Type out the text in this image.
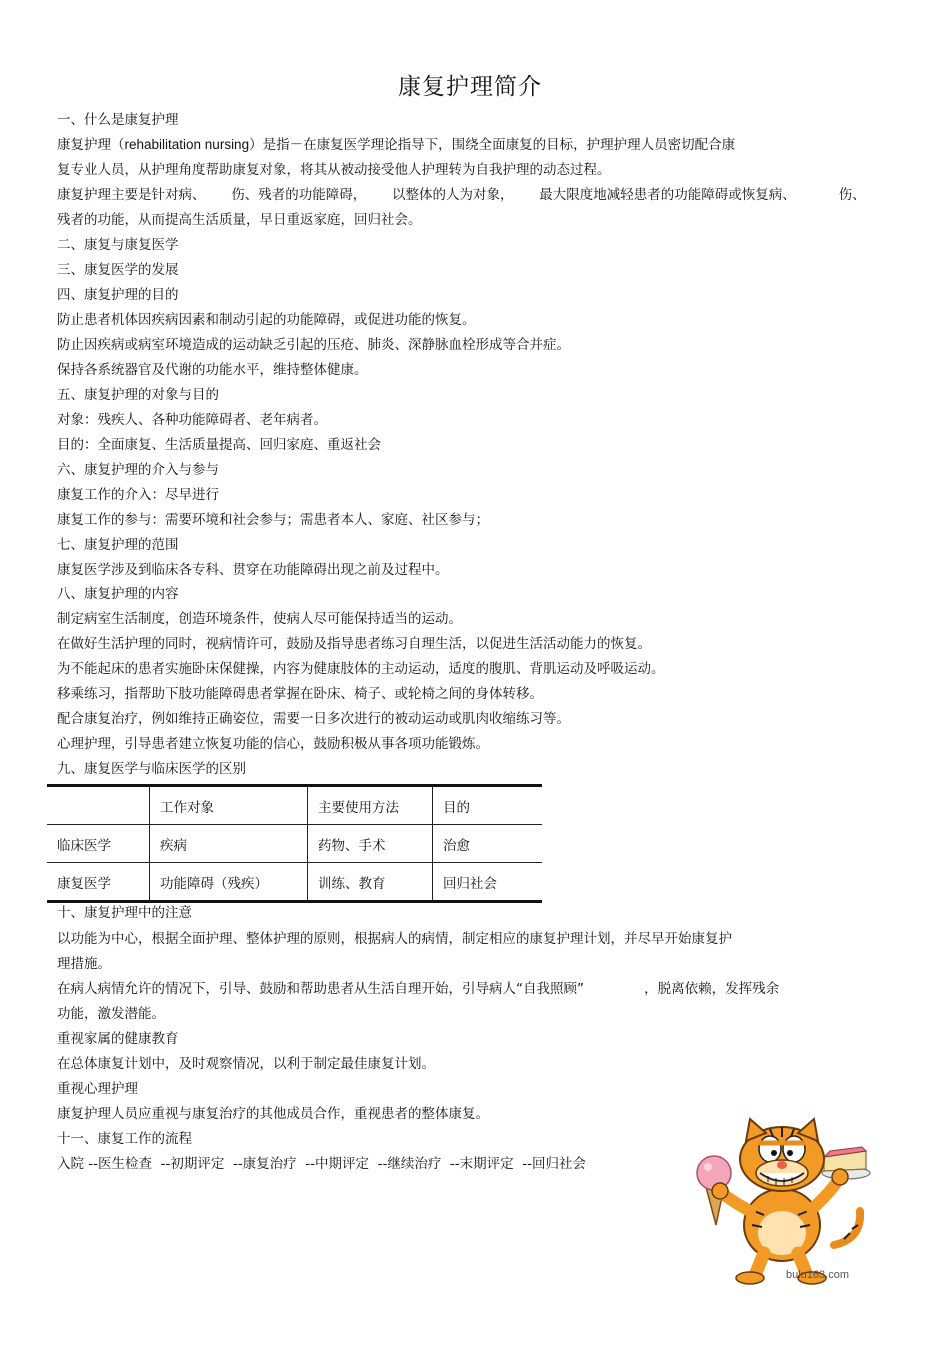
康复护理简介
一、什么是康复护理
康复护理（rehabilitation nursing）是指－在康复医学理论指导下，围绕全面康复的目标，护理护理人员密切配合康
复专业人员，从护理角度帮助康复对象，将其从被动接受他人护理转为自我护理的动态过程。
康复护理主要是针对病、      伤、残者的功能障碍，      以整体的人为对象，      最大限度地减轻患者的功能障碍或恢复病、          伤、
残者的功能，从而提高生活质量，早日重返家庭，回归社会。
二、康复与康复医学
三、康复医学的发展
四、康复护理的目的
防止患者机体因疾病因素和制动引起的功能障碍，或促进功能的恢复。
防止因疾病或病室环境造成的运动缺乏引起的压疮、肺炎、深静脉血栓形成等合并症。
保持各系统器官及代谢的功能水平，维持整体健康。
五、康复护理的对象与目的
对象：残疾人、各种功能障碍者、老年病者。
目的：全面康复、生活质量提高、回归家庭、重返社会
六、康复护理的介入与参与
康复工作的介入：尽早进行
康复工作的参与：需要环境和社会参与；需患者本人、家庭、社区参与；
七、康复护理的范围
康复医学涉及到临床各专科、贯穿在功能障碍出现之前及过程中。
八、康复护理的内容
制定病室生活制度，创造环境条件，使病人尽可能保持适当的运动。
在做好生活护理的同时，视病情许可，鼓励及指导患者练习自理生活，以促进生活活动能力的恢复。
为不能起床的患者实施卧床保健操，内容为健康肢体的主动运动，适度的腹肌、背肌运动及呼吸运动。
移乘练习，指帮助下肢功能障碍患者掌握在卧床、椅子、或轮椅之间的身体转移。
配合康复治疗，例如维持正确姿位，需要一日多次进行的被动运动或肌肉收缩练习等。
心理护理，引导患者建立恢复功能的信心，鼓励积极从事各项功能锻炼。
九、康复医学与临床医学的区别
	工作对象	主要使用方法	目的
临床医学	疾病	药物、手术	治愈
康复医学	功能障碍（残疾）	训练、教育	回归社会
十、康复护理中的注意
以功能为中心，根据全面护理、整体护理的原则，根据病人的病情，制定相应的康复护理计划，并尽早开始康复护
理措施。
在病人病情允许的情况下，引导、鼓励和帮助患者从生活自理开始，引导病人“自我照顾”              ，脱离依赖，发挥残余
功能，激发潜能。
重视家属的健康教育
在总体康复计划中，及时观察情况，以利于制定最佳康复计划。
重视心理护理
康复护理人员应重视与康复治疗的其他成员合作，重视患者的整体康复。
十一、康复工作的流程
入院 --医生检查  --初期评定  --康复治疗  --中期评定  --继续治疗  --末期评定  --回归社会
bulu163.com
